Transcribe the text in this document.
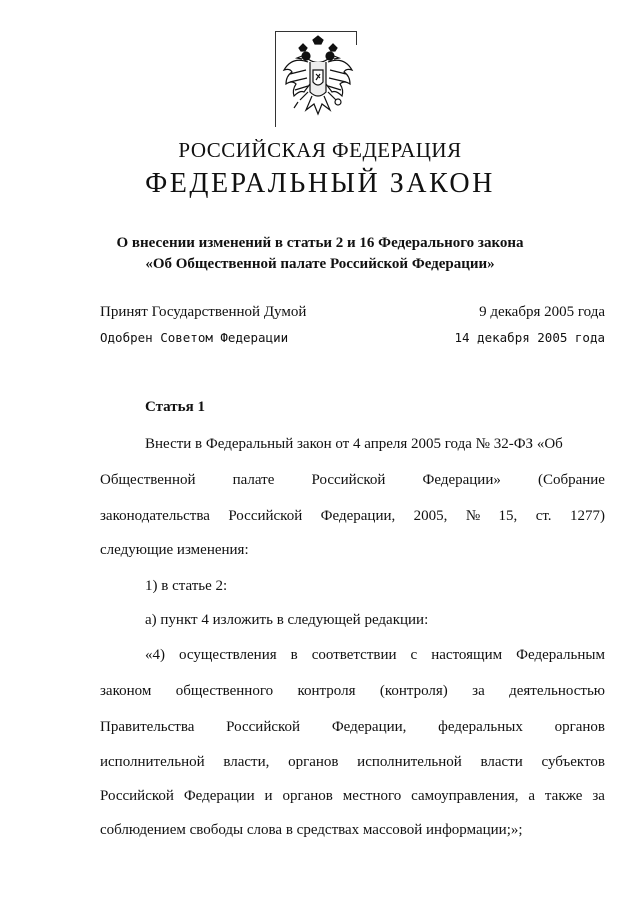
РОССИЙСКАЯ ФЕДЕРАЦИЯ
ФЕДЕРАЛЬНЫЙ ЗАКОН
О внесении изменений в статьи 2 и 16 Федерального закона
«Об Общественной палате Российской Федерации»
Принят Государственной Думой	9 декабря 2005 года
Одобрен Советом Федерации	14 декабря 2005 года
Статья 1
Внести в Федеральный закон от 4 апреля 2005 года № 32-ФЗ «Об
Общественной палате Российской Федерации» (Собрание
законодательства Российской Федерации, 2005, № 15, ст. 1277)
следующие изменения:
1) в статье 2:
а) пункт 4 изложить в следующей редакции:
«4) осуществления в соответствии с настоящим Федеральным
законом общественного контроля (контроля) за деятельностью
Правительства Российской Федерации, федеральных органов
исполнительной власти, органов исполнительной власти субъектов
Российской Федерации и органов местного самоуправления, а также за
соблюдением свободы слова в средствах массовой информации;»;
